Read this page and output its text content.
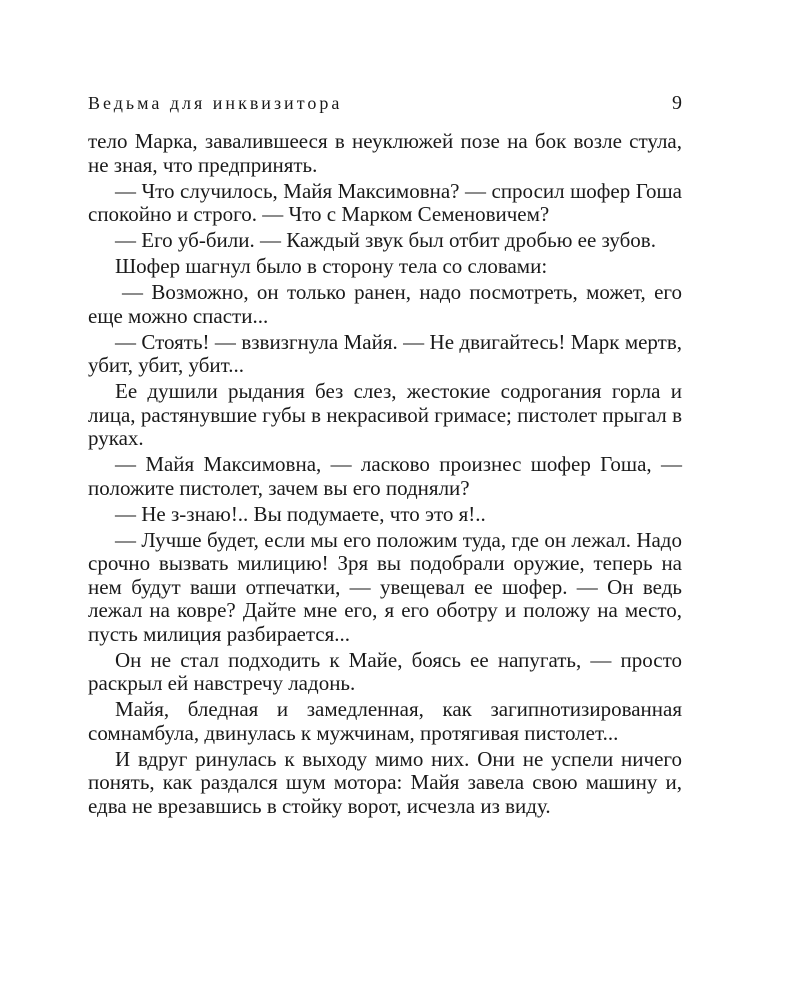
Ведьма для инквизитора	9

тело Марка, завалившееся в неуклюжей позе на бок возле стула, не зная, что предпринять.

— Что случилось, Майя Максимовна? — спросил шофер Гоша спокойно и строго. — Что с Марком Семеновичем?

— Его уб-били. — Каждый звук был отбит дробью ее зубов.

Шофер шагнул было в сторону тела со словами:

— Возможно, он только ранен, надо посмотреть, может, его еще можно спасти...

— Стоять! — взвизгнула Майя. — Не двигайтесь! Марк мертв, убит, убит, убит...

Ее душили рыдания без слез, жестокие содрогания горла и лица, растянувшие губы в некрасивой гримасе; пистолет прыгал в руках.

— Майя Максимовна, — ласково произнес шофер Гоша, — положите пистолет, зачем вы его подняли?

— Не з-знаю!.. Вы подумаете, что это я!..

— Лучше будет, если мы его положим туда, где он лежал. Надо срочно вызвать милицию! Зря вы подобрали оружие, теперь на нем будут ваши отпечатки, — увещевал ее шофер. — Он ведь лежал на ковре? Дайте мне его, я его оботру и положу на место, пусть милиция разбирается...

Он не стал подходить к Майе, боясь ее напугать, — просто раскрыл ей навстречу ладонь.

Майя, бледная и замедленная, как загипнотизированная сомнамбула, двинулась к мужчинам, протягивая пистолет...

И вдруг ринулась к выходу мимо них. Они не успели ничего понять, как раздался шум мотора: Майя завела свою машину и, едва не врезавшись в стойку ворот, исчезла из виду.
